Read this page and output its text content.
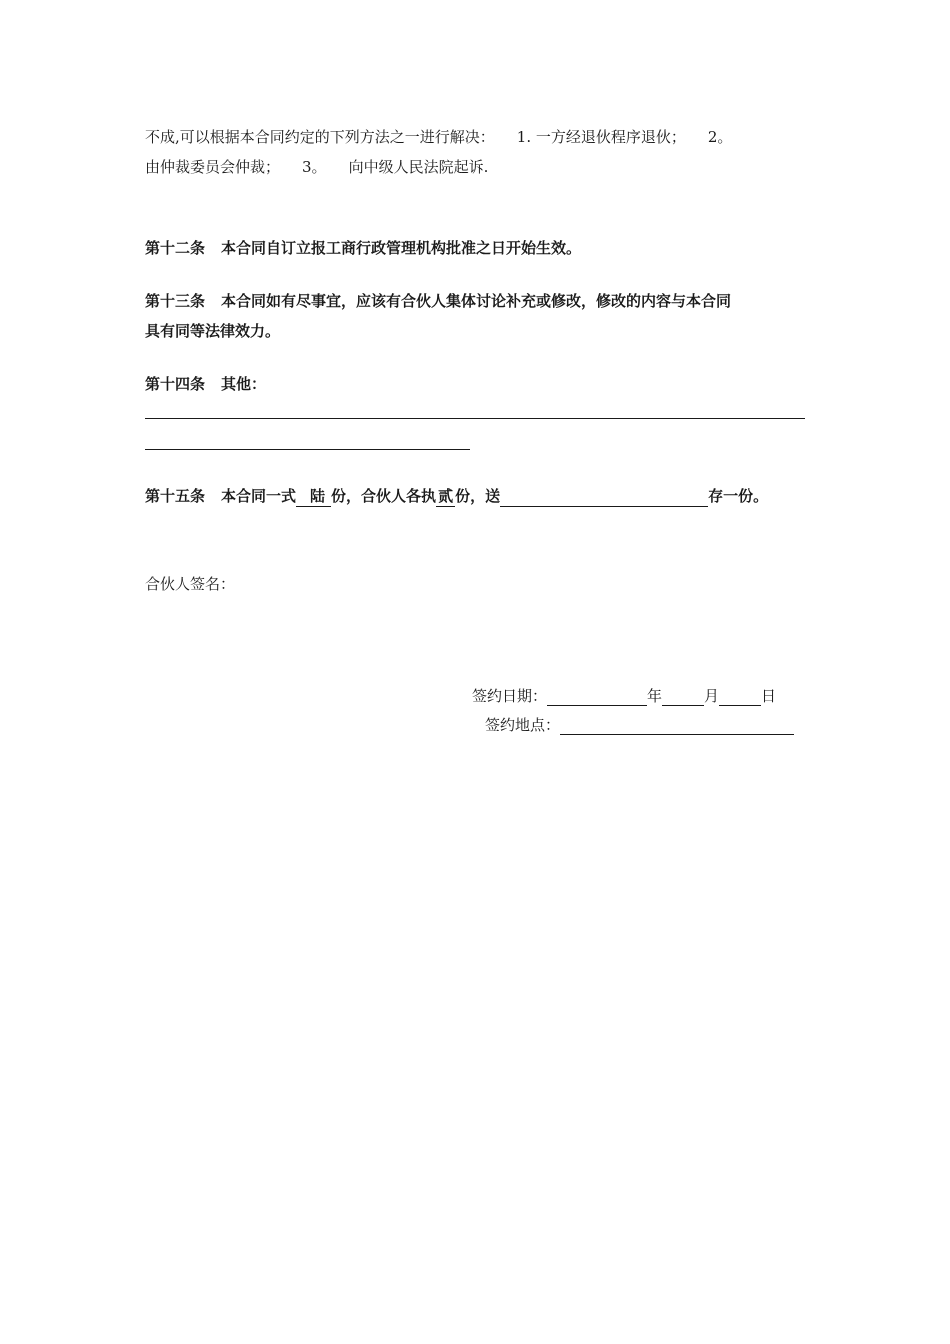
不成,可以根据本合同约定的下列方法之一进行解决： 1. 一方经退伙程序退伙； 2。
由仲裁委员会仲裁； 3。 向中级人民法院起诉.
第十二条 本合同自订立报工商行政管理机构批准之日开始生效。
第十三条 本合同如有尽事宜，应该有合伙人集体讨论补充或修改，修改的内容与本合同
具有同等法律效力。
第十四条 其他：
第十五条 本合同一式 陆 份，合伙人各执 贰 份，送	存一份。
合伙人签名：
签约日期：	年	月	日
签约地点：
